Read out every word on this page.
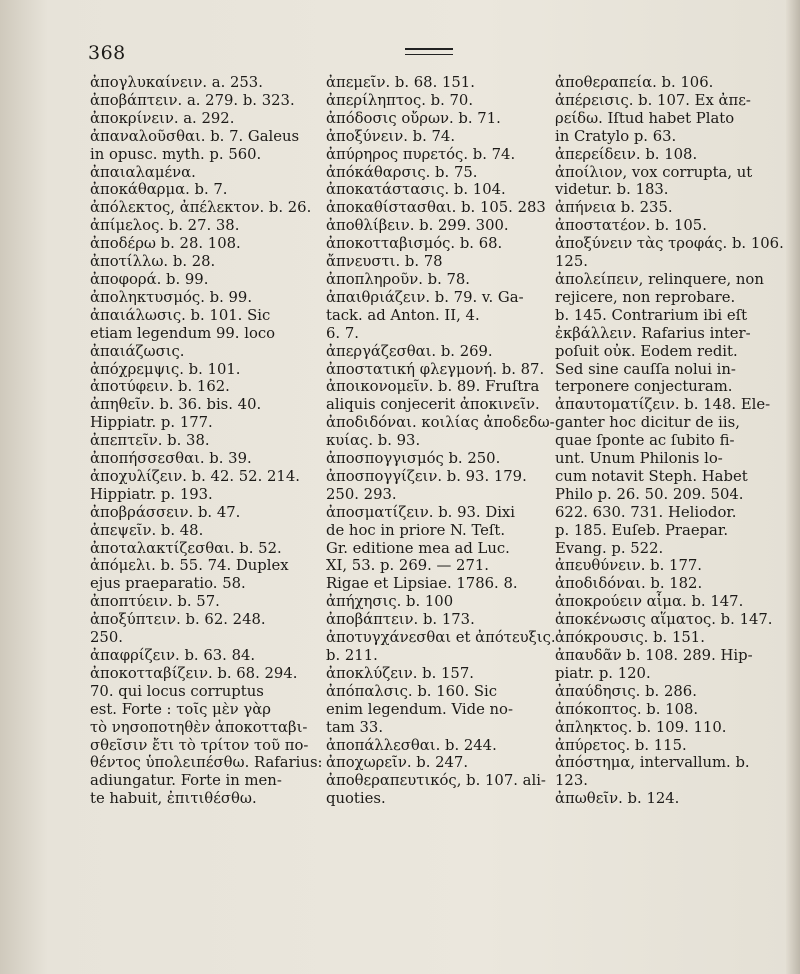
368
ἀπογλυκαίνειν. a. 253.
ἀποβάπτειν. a. 279. b. 323.
ἀποκρίνειν. a. 292.
ἀπαναλοῦσθαι. b. 7. Galeus
in opusc. myth. p. 560.
ἀπαιαλαμένα.
ἀποκάθαρμα. b. 7.
ἀπόλεκτος, ἀπέλεκτον. b. 26.
ἀπίμελος. b. 27. 38.
ἀποδέρω b. 28. 108.
ἀποτίλλω. b. 28.
ἀποφορά. b. 99.
ἀποληκτυσμός. b. 99.
ἀπαιάλωσις. b. 101. Sic
etiam legendum 99. loco
ἀπαιάζωσις.
ἀπόχρεμψις. b. 101.
ἀποτύφειν. b. 162.
ἀπηθεῖν. b. 36. bis. 40.
Hippiatr. p. 177.
ἀπεπτεῖν. b. 38.
ἀποπήσσεσθαι. b. 39.
ἀποχυλίζειν. b. 42. 52. 214.
Hippiatr. p. 193.
ἀποβράσσειν. b. 47.
ἀπεψεῖν. b. 48.
ἀποταλακτίζεσθαι. b. 52.
ἀπόμελι. b. 55. 74. Duplex
ejus praeparatio. 58.
ἀποπτύειν. b. 57.
ἀποξύπτειν. b. 62. 248.
250.
ἀπαφρίζειν. b. 63. 84.
ἀποκοτταβίζειν. b. 68. 294.
70. qui locus corruptus
est. Forte : τοῖς μὲν γὰρ
τὸ νησοποτηθὲν ἀποκοτταβι-
σθεῖσιν ἔτι τὸ τρίτον τοῦ πο-
θέντος ὑπολειπέσθω. Rafarius:
adiungatur. Forte in men-
te habuit, ἐπιτιθέσθω.
ἀπεμεῖν. b. 68. 151.
ἀπερίληπτος. b. 70.
ἀπόδοσις οὔρων. b. 71.
ἀποξύνειν. b. 74.
ἀπύρηρος πυρετός. b. 74.
ἀπόκάθαρσις. b. 75.
ἀποκατάστασις. b. 104.
ἀποκαθίστασθαι. b. 105. 283
ἀποθλίβειν. b. 299. 300.
ἀποκοτταβισμός. b. 68.
ἄπνευστι. b. 78
ἀποπληροῦν. b. 78.
ἀπαιθριάζειν. b. 79. v. Ga-
tack. ad Anton. II, 4.
6. 7.
ἀπεργάζεσθαι. b. 269.
ἀποστατική φλεγμονή. b. 87.
ἀποικονομεῖν. b. 89. Fruſtra
aliquis conjecerit ἀποκινεῖν.
ἀποδιδόναι. κοιλίας ἀποδεδω-
κυίας. b. 93.
ἀποσπογγισμός b. 250.
ἀποσπογγίζειν. b. 93. 179.
250. 293.
ἀποσματίζειν. b. 93. Dixi
de hoc in priore N. Teſt.
Gr. editione mea ad Luc.
XI, 53. p. 269. — 271.
Rigae et Lipsiae. 1786. 8.
ἀπήχησις. b. 100
ἀποβάπτειν. b. 173.
ἀποτυγχάνεσθαι et ἀπότευξις.
b. 211.
ἀποκλύζειν. b. 157.
ἀπόπαλσις. b. 160. Sic
enim legendum. Vide no-
tam 33.
ἀποπάλλεσθαι. b. 244.
ἀποχωρεῖν. b. 247.
ἀποθεραπευτικός, b. 107. ali-
quoties.
ἀποθεραπεία. b. 106.
ἀπέρεισις. b. 107. Ex ἀπε-
ρείδω. Iſtud habet Plato
in Cratylo p. 63.
ἀπερείδειν. b. 108.
ἀποίλιον, vox corrupta, ut
videtur. b. 183.
ἀπήνεια b. 235.
ἀποστατέον. b. 105.
ἀποξύνειν τὰς τροφάς. b. 106.
125.
ἀπολείπειν, relinquere, non
rejicere, non reprobare.
b. 145. Contrarium ibi eſt
ἐκβάλλειν. Rafarius inter-
poſuit οὐκ. Eodem redit.
Sed sine cauſſa nolui in-
terponere conjecturam.
ἀπαυτοματίζειν. b. 148. Ele-
ganter hoc dicitur de iis,
quae ſponte ac ſubito fi-
unt. Unum Philonis lo-
cum notavit Steph. Habet
Philo p. 26. 50. 209. 504.
622. 630. 731. Heliodor.
p. 185. Euſeb. Praepar.
Evang. p. 522.
ἀπευθύνειν. b. 177.
ἀποδιδόναι. b. 182.
ἀποκρούειν αἷμα. b. 147.
ἀποκένωσις αἵματος. b. 147.
ἀπόκρουσις. b. 151.
ἀπαυδᾶν b. 108. 289. Hip-
piatr. p. 120.
ἀπαύδησις. b. 286.
ἀπόκοπτος. b. 108.
ἀπληκτος. b. 109. 110.
ἀπύρετος. b. 115.
ἀπόστημα, intervallum. b.
123.
ἀπωθεῖν. b. 124.
